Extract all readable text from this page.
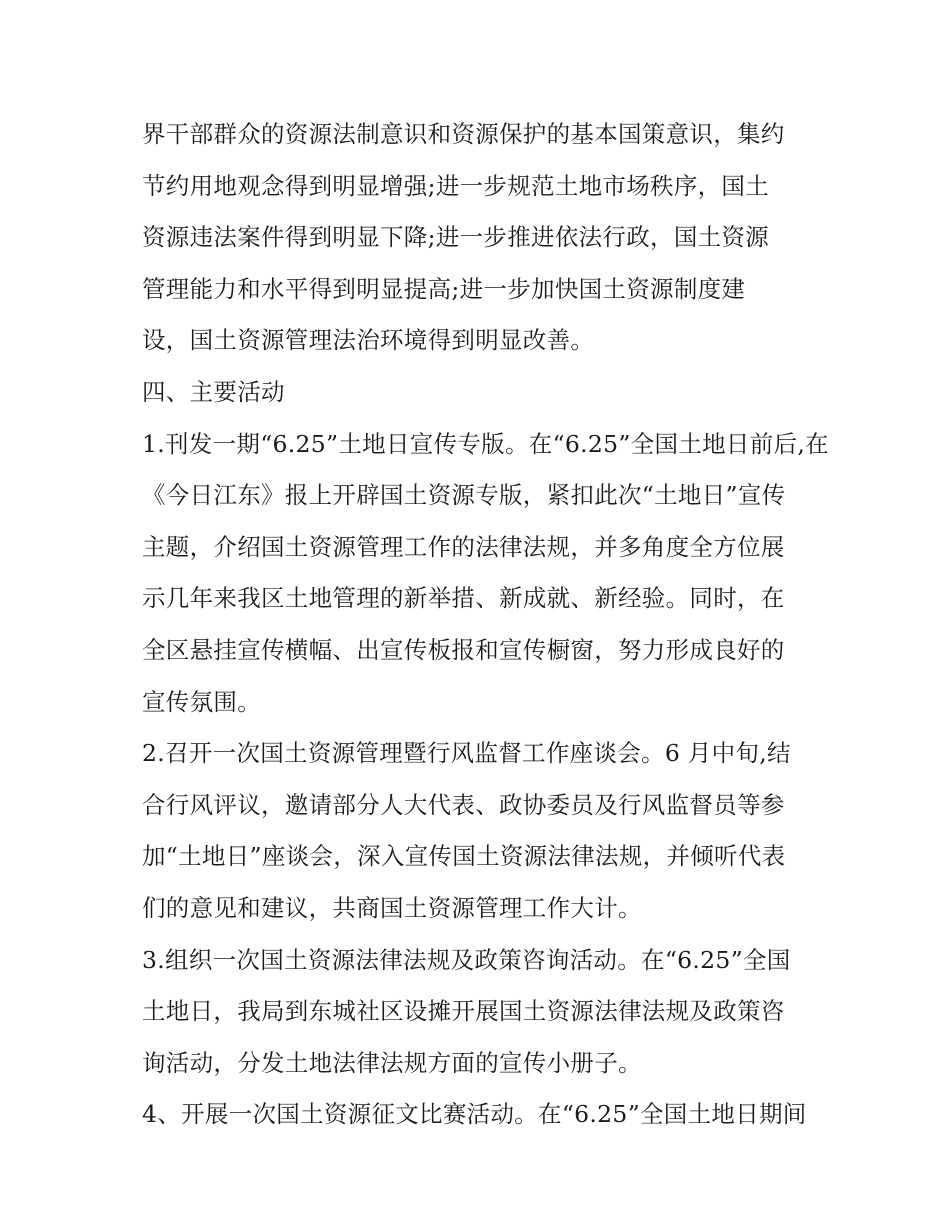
界干部群众的资源法制意识和资源保护的基本国策意识，集约
节约用地观念得到明显增强;进一步规范土地市场秩序，国土
资源违法案件得到明显下降;进一步推进依法行政，国土资源
管理能力和水平得到明显提高;进一步加快国土资源制度建
设，国土资源管理法治环境得到明显改善。
四、主要活动
1.刊发一期“6.25”土地日宣传专版。在“6.25”全国土地日前后,在
《今日江东》报上开辟国土资源专版，紧扣此次“土地日”宣传
主题，介绍国土资源管理工作的法律法规，并多角度全方位展
示几年来我区土地管理的新举措、新成就、新经验。同时，在
全区悬挂宣传横幅、出宣传板报和宣传橱窗，努力形成良好的
宣传氛围。
2.召开一次国土资源管理暨行风监督工作座谈会。6 月中旬,结
合行风评议，邀请部分人大代表、政协委员及行风监督员等参
加“土地日”座谈会，深入宣传国土资源法律法规，并倾听代表
们的意见和建议，共商国土资源管理工作大计。
3.组织一次国土资源法律法规及政策咨询活动。在“6.25”全国
土地日，我局到东城社区设摊开展国土资源法律法规及政策咨
询活动，分发土地法律法规方面的宣传小册子。
4、开展一次国土资源征文比赛活动。在“6.25”全国土地日期间
